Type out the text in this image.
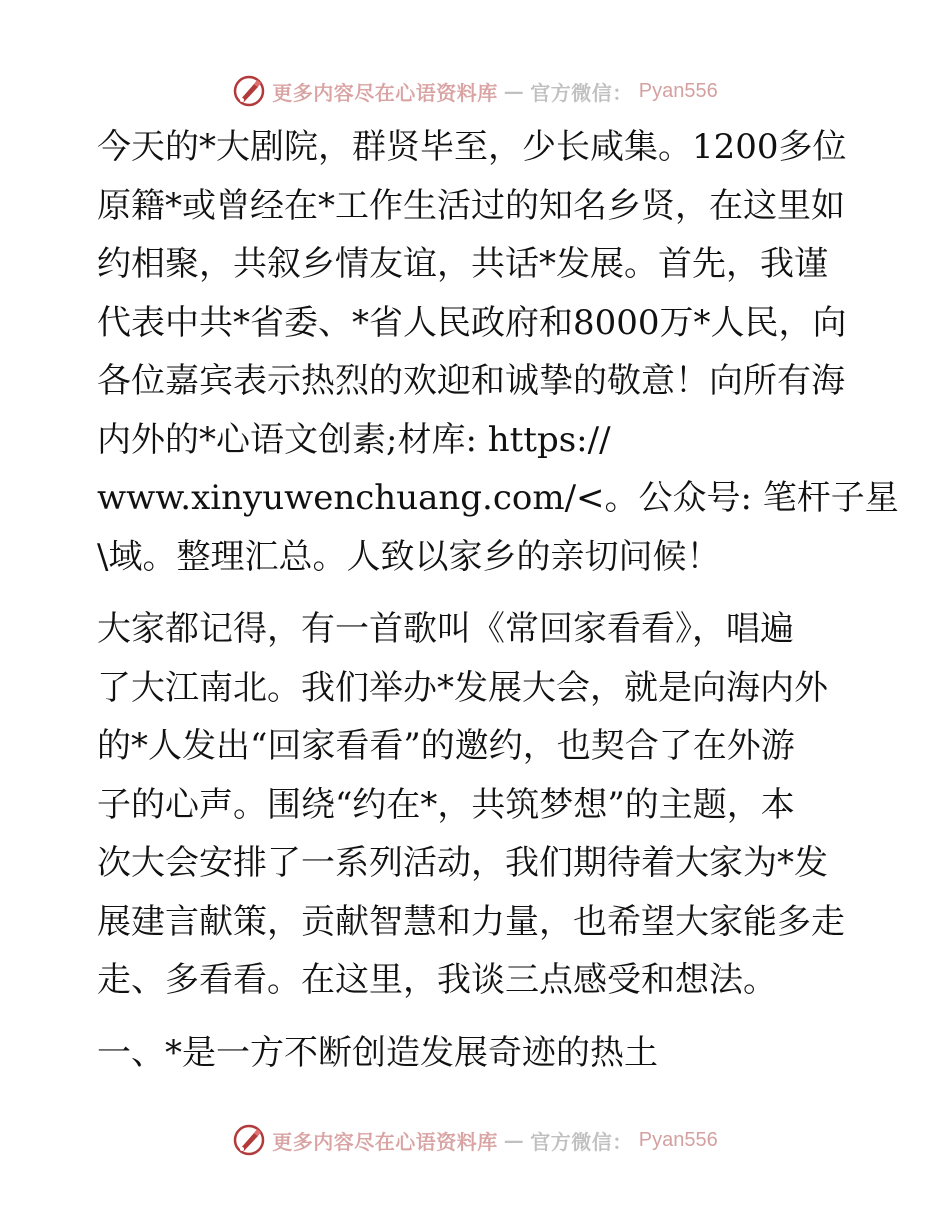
更多内容尽在心语资料库 — 官方微信： Pyan556

今天的*大剧院，群贤毕至，少长咸集。1200多位
原籍*或曾经在*工作生活过的知名乡贤，在这里如
约相聚，共叙乡情友谊，共话*发展。首先，我谨
代表中共*省委、*省人民政府和8000万*人民，向
各位嘉宾表示热烈的欢迎和诚挚的敬意！向所有海
内外的*心语文创素;材库: https://
www.xinyuwenchuang.com/<。公众号: 笔杆子星
\域。整理汇总。人致以家乡的亲切问候！

大家都记得，有一首歌叫《常回家看看》，唱遍
了大江南北。我们举办*发展大会，就是向海内外
的*人发出“回家看看”的邀约，也契合了在外游
子的心声。围绕“约在*，共筑梦想”的主题，本
次大会安排了一系列活动，我们期待着大家为*发
展建言献策，贡献智慧和力量，也希望大家能多走
走、多看看。在这里，我谈三点感受和想法。

一、*是一方不断创造发展奇迹的热土

更多内容尽在心语资料库 — 官方微信： Pyan556
